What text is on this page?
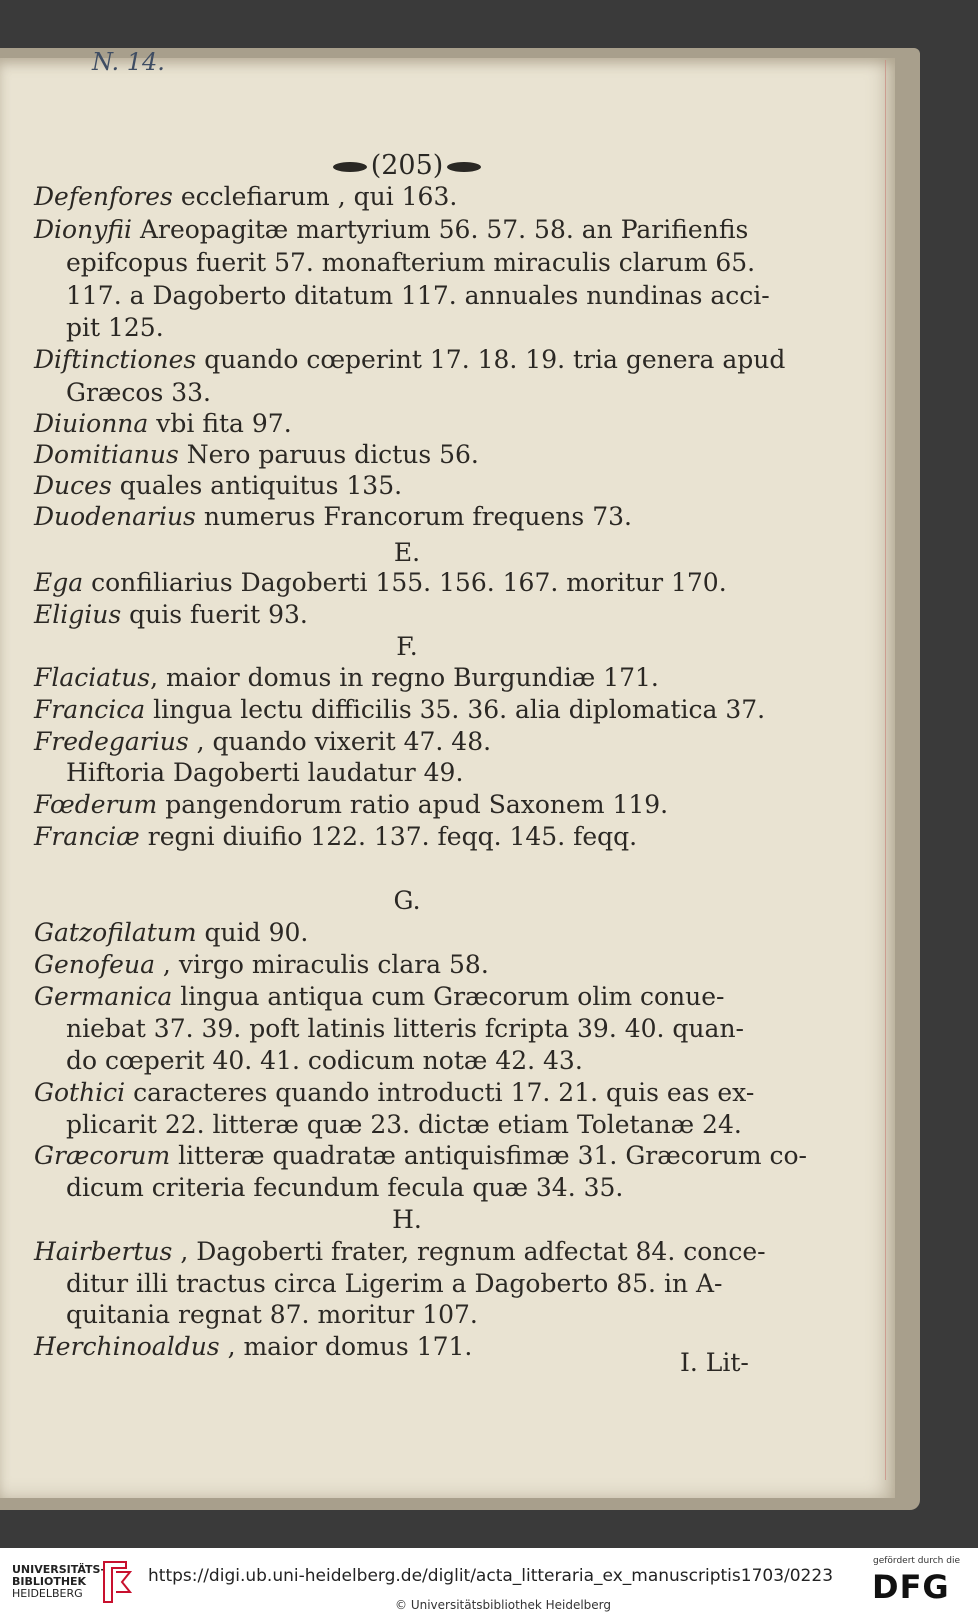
N. 14.
(205)
I. Lit-
Defenfores ecclefiarum , qui 163.
Dionyfii Areopagitæ martyrium 56. 57. 58. an Parifienfis
epifcopus fuerit 57. monafterium miraculis clarum 65.
117. a Dagoberto ditatum 117. annuales nundinas acci-
pit 125.
Diftinctiones quando cœperint 17. 18. 19. tria genera apud
Græcos 33.
Diuionna vbi fita 97.
Domitianus Nero paruus dictus 56.
Duces quales antiquitus 135.
Duodenarius numerus Francorum frequens 73.
E.
Ega confiliarius Dagoberti 155. 156. 167. moritur 170.
Eligius quis fuerit 93.
F.
Flaciatus, maior domus in regno Burgundiæ 171.
Francica lingua lectu difficilis 35. 36. alia diplomatica 37.
Fredegarius , quando vixerit 47. 48.
Hiftoria Dagoberti laudatur 49.
Fœderum pangendorum ratio apud Saxonem 119.
Franciæ regni diuifio 122. 137. feqq. 145. feqq.
G.
Gatzofilatum quid 90.
Genofeua , virgo miraculis clara 58.
Germanica lingua antiqua cum Græcorum olim conue-
niebat 37. 39. poft latinis litteris fcripta 39. 40. quan-
do cœperit 40. 41. codicum notæ 42. 43.
Gothici caracteres quando introducti 17. 21. quis eas ex-
plicarit 22. litteræ quæ 23. dictæ etiam Toletanæ 24.
Græcorum litteræ quadratæ antiquisfimæ 31. Græcorum co-
dicum criteria fecundum fecula quæ 34. 35.
H.
Hairbertus , Dagoberti frater, regnum adfectat 84. conce-
ditur illi tractus circa Ligerim a Dagoberto 85. in A-
quitania regnat 87. moritur 107.
Herchinoaldus , maior domus 171.
UNIVERSITÄTS-
BIBLIOTHEK
HEIDELBERG
https://digi.ub.uni-heidelberg.de/diglit/acta_litteraria_ex_manuscriptis1703/0223
© Universitätsbibliothek Heidelberg
gefördert durch die
DFG
